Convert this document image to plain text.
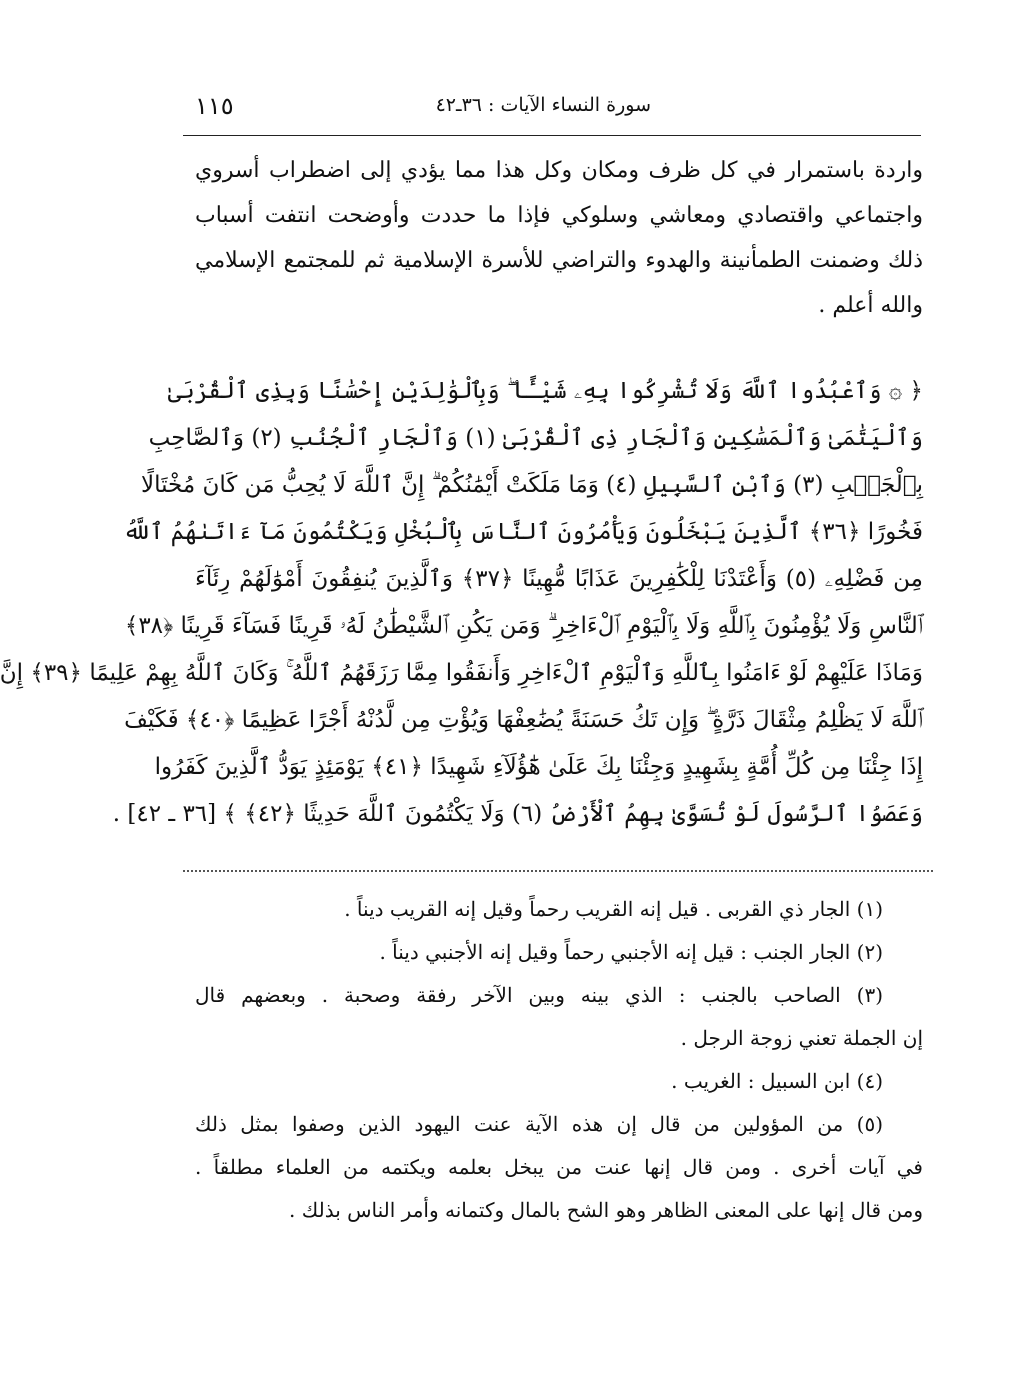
١١٥	سورة النساء الآيات : ٣٦ـ٤٢
واردة باستمرار في كل ظرف ومكان وكل هذا مما يؤدي إلى اضطراب أسروي
واجتماعي واقتصادي ومعاشي وسلوكي فإذا ما حددت وأوضحت انتفت أسباب
ذلك وضمنت الطمأنينة والهدوء والتراضي للأسرة الإسلامية ثم للمجتمع الإسلامي
والله أعلم .
﴿ ۞ وَٱعْبُدُوا ٱللَّهَ وَلَا تُشْرِكُوا بِهِۦ شَيْـًٔا ۖ وَبِٱلْوَٰلِدَيْنِ إِحْسَٰنًا وَبِذِى ٱلْقُرْبَىٰ
وَٱلْيَتَٰمَىٰ وَٱلْمَسَٰكِينِ وَٱلْجَارِ ذِى ٱلْقُرْبَىٰ (١) وَٱلْجَارِ ٱلْجُنُبِ (٢) وَٱلصَّاحِبِ
بِٱلْجَنۢبِ (٣) وَٱبْنِ ٱلسَّبِيلِ (٤) وَمَا مَلَكَتْ أَيْمَٰنُكُمْ ۗ إِنَّ ٱللَّهَ لَا يُحِبُّ مَن كَانَ مُخْتَالًا
فَخُورًا ﴿٣٦﴾ ٱلَّذِينَ يَبْخَلُونَ وَيَأْمُرُونَ ٱلنَّاسَ بِٱلْبُخْلِ وَيَكْتُمُونَ مَآ ءَاتَىٰهُمُ ٱللَّهُ
مِن فَضْلِهِۦ (٥) وَأَعْتَدْنَا لِلْكَٰفِرِينَ عَذَابًا مُّهِينًا ﴿٣٧﴾ وَٱلَّذِينَ يُنفِقُونَ أَمْوَٰلَهُمْ رِئَآءَ
ٱلنَّاسِ وَلَا يُؤْمِنُونَ بِٱللَّهِ وَلَا بِٱلْيَوْمِ ٱلْءَاخِرِ ۗ وَمَن يَكُنِ ٱلشَّيْطَٰنُ لَهُۥ قَرِينًا فَسَآءَ قَرِينًا ﴿٣٨﴾
وَمَاذَا عَلَيْهِمْ لَوْ ءَامَنُوا بِٱللَّهِ وَٱلْيَوْمِ ٱلْءَاخِرِ وَأَنفَقُوا مِمَّا رَزَقَهُمُ ٱللَّهُ ۚ وَكَانَ ٱللَّهُ بِهِمْ عَلِيمًا ﴿٣٩﴾ إِنَّ
ٱللَّهَ لَا يَظْلِمُ مِثْقَالَ ذَرَّةٍ ۖ وَإِن تَكُ حَسَنَةً يُضَٰعِفْهَا وَيُؤْتِ مِن لَّدُنْهُ أَجْرًا عَظِيمًا ﴿٤٠﴾ فَكَيْفَ
إِذَا جِئْنَا مِن كُلِّ أُمَّةٍ بِشَهِيدٍ وَجِئْنَا بِكَ عَلَىٰ هَٰٓؤُلَآءِ شَهِيدًا ﴿٤١﴾ يَوْمَئِذٍ يَوَدُّ ٱلَّذِينَ كَفَرُوا
وَعَصَوُا ٱلرَّسُولَ لَوْ تُسَوَّىٰ بِهِمُ ٱلْأَرْضُ (٦) وَلَا يَكْتُمُونَ ٱللَّهَ حَدِيثًا ﴿٤٢﴾ ﴾ [٣٦ ـ ٤٢] .
(١) الجار ذي القربى . قيل إنه القريب رحماً وقيل إنه القريب ديناً .
(٢) الجار الجنب : قيل إنه الأجنبي رحماً وقيل إنه الأجنبي ديناً .
(٣) الصاحب بالجنب : الذي بينه وبين الآخر رفقة وصحبة . وبعضهم قال
إن الجملة تعني زوجة الرجل .
(٤) ابن السبيل : الغريب .
(٥) من المؤولين من قال إن هذه الآية عنت اليهود الذين وصفوا بمثل ذلك
في آيات أخرى . ومن قال إنها عنت من يبخل بعلمه ويكتمه من العلماء مطلقاً .
ومن قال إنها على المعنى الظاهر وهو الشح بالمال وكتمانه وأمر الناس بذلك .
